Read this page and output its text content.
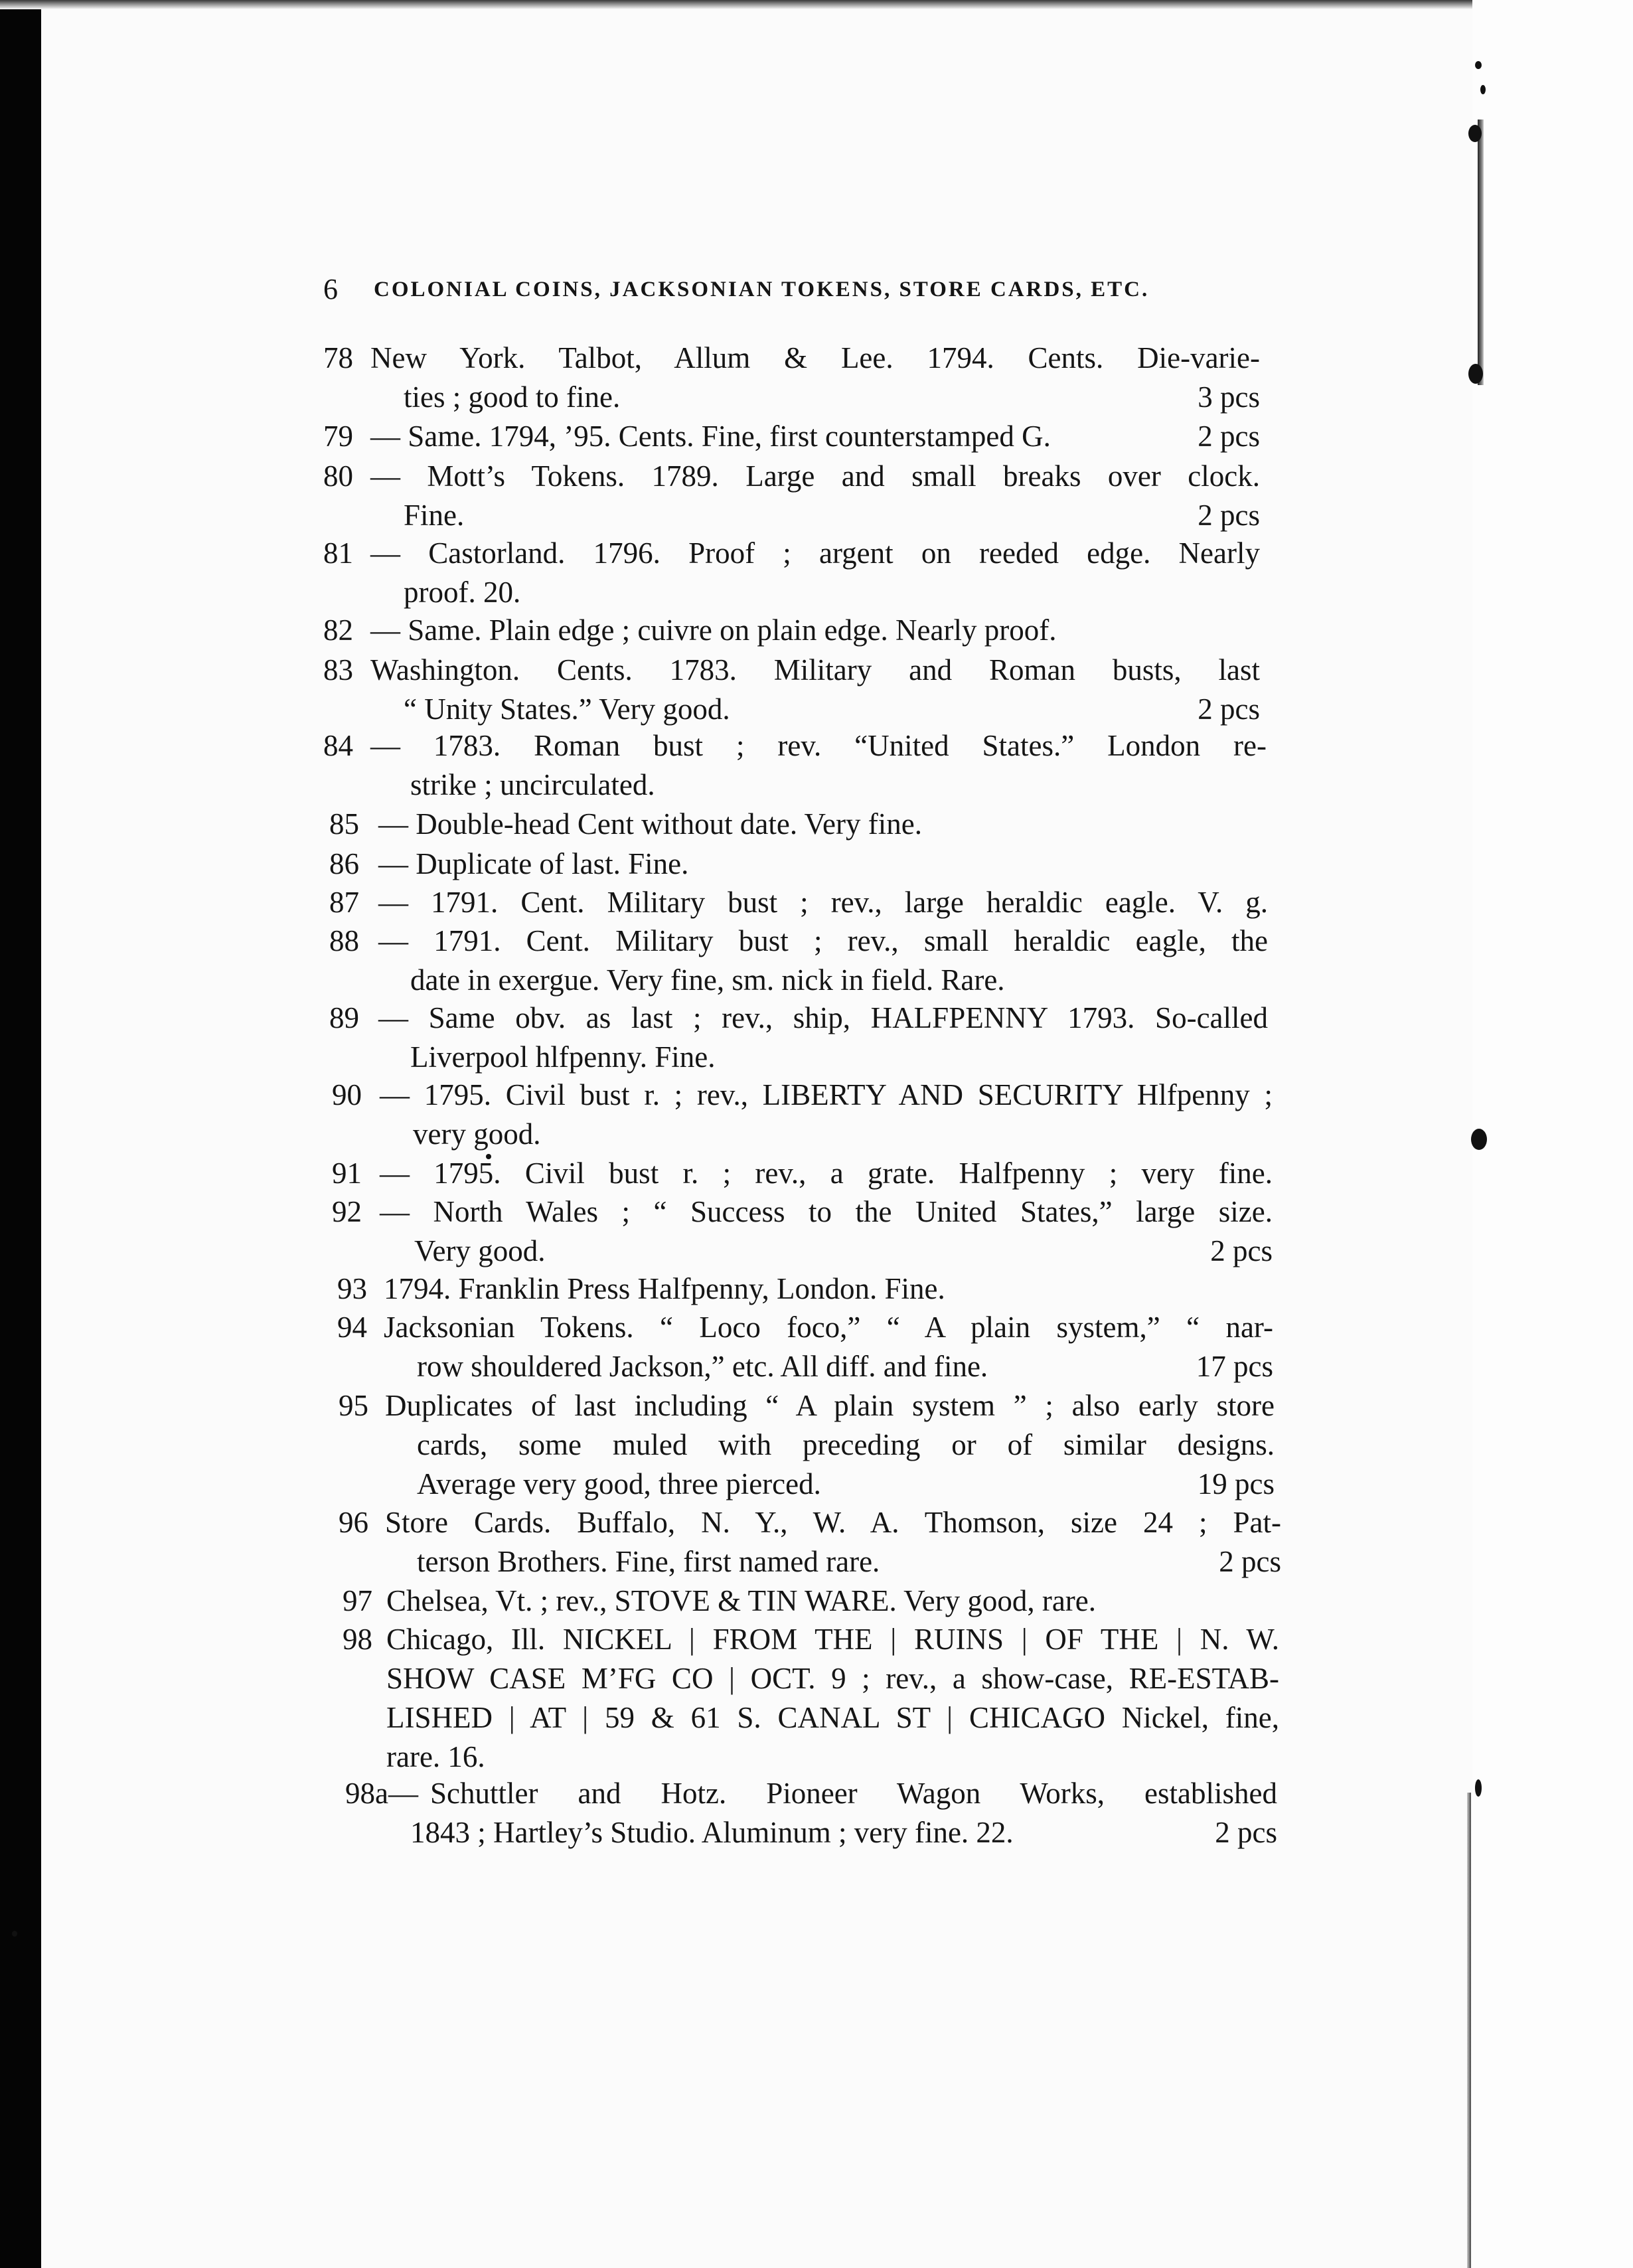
6 COLONIAL COINS, JACKSONIAN TOKENS, STORE CARDS, ETC.
78 New York. Talbot, Allum & Lee. 1794. Cents. Die-varie-
ties ; good to fine.	3 pcs
79 — Same. 1794, ’95. Cents. Fine, first counterstamped G.	2 pcs
80 — Mott’s Tokens. 1789. Large and small breaks over clock.
Fine.	2 pcs
81 — Castorland. 1796. Proof ; argent on reeded edge. Nearly
proof. 20.
82 — Same. Plain edge ; cuivre on plain edge. Nearly proof.
83 Washington. Cents. 1783. Military and Roman busts, last
“ Unity States.” Very good.	2 pcs
84 — 1783. Roman bust ; rev. “United States.” London re-
strike ; uncirculated.
85 — Double-head Cent without date. Very fine.
86 — Duplicate of last. Fine.
87 — 1791. Cent. Military bust ; rev., large heraldic eagle. V. g.
88 — 1791. Cent. Military bust ; rev., small heraldic eagle, the
date in exergue. Very fine, sm. nick in field. Rare.
89 — Same obv. as last ; rev., ship, HALFPENNY 1793. So-called
Liverpool hlfpenny. Fine.
90 — 1795. Civil bust r. ; rev., LIBERTY AND SECURITY Hlfpenny ;
very good.
91 — 1795. Civil bust r. ; rev., a grate. Halfpenny ; very fine.
92 — North Wales ; “ Success to the United States,” large size.
Very good.	2 pcs
93 1794. Franklin Press Halfpenny, London. Fine.
94 Jacksonian Tokens. “ Loco foco,” “ A plain system,” “ nar-
row shouldered Jackson,” etc. All diff. and fine.	17 pcs
95 Duplicates of last including “ A plain system ” ; also early store
cards, some muled with preceding or of similar designs.
Average very good, three pierced.	19 pcs
96 Store Cards. Buffalo, N. Y., W. A. Thomson, size 24 ; Pat-
terson Brothers. Fine, first named rare.	2 pcs
97 Chelsea, Vt. ; rev., STOVE & TIN WARE. Very good, rare.
98 Chicago, Ill. NICKEL | FROM THE | RUINS | OF THE | N. W.
SHOW CASE M’FG CO | OCT. 9 ; rev., a show-case, RE-ESTAB-
LISHED | AT | 59 & 61 S. CANAL ST | CHICAGO Nickel, fine,
rare. 16.
98a— Schuttler and Hotz. Pioneer Wagon Works, established
1843 ; Hartley’s Studio. Aluminum ; very fine. 22.	2 pcs
